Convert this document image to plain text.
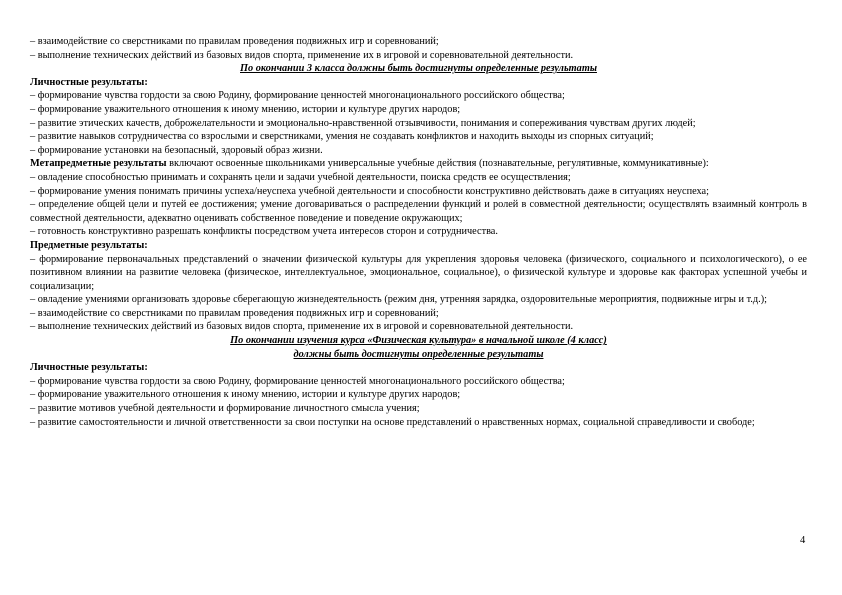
– взаимодействие со сверстниками по правилам проведения подвижных игр и соревнований;
– выполнение технических действий из базовых видов спорта, применение их в игровой и соревновательной деятельности.
По окончании 3 класса должны быть достигнуты определенные результаты
Личностные результаты:
– формирование чувства гордости за свою Родину, формирование ценностей многонационального российского общества;
– формирование уважительного отношения к иному мнению, истории и культуре других народов;
– развитие этических качеств, доброжелательности и эмоционально-нравственной отзывчивости, понимания и сопереживания чувствам других людей;
– развитие навыков сотрудничества со взрослыми и сверстниками, умения не создавать конфликтов и находить выходы из спорных ситуаций;
– формирование установки на безопасный, здоровый образ жизни.
Метапредметные результаты включают освоенные школьниками универсальные учебные действия (познавательные, регулятивные, коммуникативные):
– овладение способностью принимать и сохранять цели и задачи учебной деятельности, поиска средств ее осуществления;
– формирование умения понимать причины успеха/неуспеха учебной деятельности и способности конструктивно действовать даже в ситуациях неуспеха;
– определение общей цели и путей ее достижения; умение договариваться о распределении функций и ролей в совместной деятельности; осуществлять взаимный контроль в совместной деятельности, адекватно оценивать собственное поведение и поведение окружающих;
– готовность конструктивно разрешать конфликты посредством учета интересов сторон и сотрудничества.
Предметные результаты:
– формирование первоначальных представлений о значении физической культуры для укрепления здоровья человека (физического, социального и психологического), о ее позитивном влиянии на развитие человека (физическое, интеллектуальное, эмоциональное, социальное), о физической культуре и здоровье как факторах успешной учебы и социализации;
– овладение умениями организовать здоровье сберегающую жизнедеятельность (режим дня, утренняя зарядка, оздоровительные мероприятия, подвижные игры и т.д.);
– взаимодействие со сверстниками по правилам проведения подвижных игр и соревнований;
– выполнение технических действий из базовых видов спорта, применение их в игровой и соревновательной деятельности.
По окончании изучения курса «Физическая культура» в начальной школе (4 класс)
должны быть достигнуты определенные результаты
Личностные результаты:
– формирование чувства гордости за свою Родину, формирование ценностей многонационального российского общества;
– формирование уважительного отношения к иному мнению, истории и культуре других народов;
– развитие мотивов учебной деятельности и формирование личностного смысла учения;
– развитие самостоятельности и личной ответственности за свои поступки на основе представлений о нравственных нормах, социальной справедливости и свободе;
4
